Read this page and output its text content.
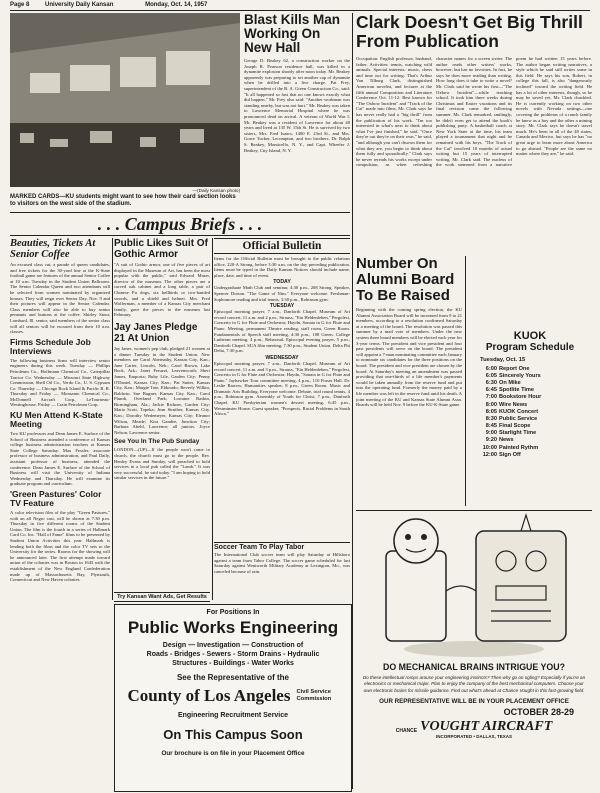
Page 8	University Daily Kansan	Monday, Oct. 14, 1957
—(Daily Kansan photo)
MARKED CARDS—KU students might want to see how their card section looks to visitors on the west side of the stadium.
Blast Kills Man Working On New Hall
George D. Beakey 62, a construction worker on the Joseph R. Pearson residence hall, was killed in a dynamite explosion shortly after noon today. Mr. Beakey apparently was preparing to set another cap of dynamite when he drilled into a live charge. Pat Frey, superintendent of the B. A. Green Construction Co., said: "It all happened so fast that no one knows exactly what did happen." Mr. Frey also said: "Another workman was standing nearby, but was not hurt." Mr. Beakey was taken to Lawrence Memorial Hospital where he was pronounced dead on arrival. A veteran of World War I, Mr. Beakey was a resident of Lawrence for about 40 years and lived at 135 W. 15th St. He is survived by two sisters, Mrs. Fred Isaacs, 1400 E. 23rd St., and Mrs. Grace Tucker, Lecompton, and two brothers, Dr. Ralph S. Beakey, Monticello, N. Y., and Capt. Wheeler J. Beakey, City Island, N. Y.
Clark Doesn't Get Big Thrill From Publication
Occupation: English professor, husband, father. Activities: tennis, watching wild animals. Special interests: music, chess and time out for writing. That's Arthur Van Tilburg Clark, distinguished American novelist, and lecturer at the fifth annual Composition and Literature Conference Oct. 11-12. Best known for "The Oxbow Incident" and "Track of the Cat" made into films, Mr. Clark says he has never really had a "big thrill" from the publication of his work. "I'm too interested in what's next to think about what I've just finished," he said. "Once they're out they're on their own," he said, "and although you can't disown them for what they are, you begin to think about them fully and sporadically." Clark says he never rereads his works except under compulsion, as when refreshing character names for a screen writer. The author reads other writers' works, however, but has no favorites. In fact, he says he does more reading than writing. How long does it take to write a novel? Mr. Clark said he wrote his first—"The Oxbow Incident"—while teaching school. It took him three weeks during Christmas and Easter vacations and its final revision came the following summer. Mr. Clark remarked, smilingly, he didn't even get to attend the book's publishing party. A basketball coach at New York State at the time, his team played a tournament that night and he remained with his boys. "The Track of the Cat" involved 18 months of actual writing but 15 years of interrupted writing, Mr. Clark said. The nucleus of the work stemmed from a narrative poem he had written 15 years before. The author began writing narratives, a style which he said still writes some in this field. He says his son, Robert, in college this fall, is also "dangerously inclined" toward the writing field. He has a lot of other interests, though, so he may be saved yet, Mr. Clark chuckled. He is currently working on two other novels with Nevada settings—one covering the problems of a ranch family he knew as a boy and the other a mining story. Mr. Clark says he doesn't travel much. He's been in all of the 48 states, Canada and Mexico, but says he has "no great urge to learn more about America to go abroad. "People are the same no matter where they are," he said.
. . . Campus Briefs . . .
Beauties, Tickets At Senior Coffee
An excused class cut, a parade of queen candidates, and free tickets for the 30-yard line at the K-State football game are features of the annual Senior Coffee at 10 a.m. Tuesday in the Student Union Ballroom. The Senior Calendar Queen and two attendants will be selected from women nominated by organized houses. They will reign over Senior Day, Nov. 9 and their pictures will appear in the Senior Calendar. Class members will also be able to buy senior pennants and buttons at the coffee. Shirley Stout, Lombard, Ill. senior, said members of the senior class will all seniors will be excused from their 10 a.m. classes.
Firms Schedule Job Interviews
The following business firms will interview senior engineers during this week. Tuesday — Phillips Petroleum Co., Hoffmann Chemical Co., Caterpillar Tractor Co. Wednesday — Missouri State Highway Commission, Shell Oil Co., Verdo Co., U. S. Gypsum Co. Thursday — Chicago Rock Island & Pacific R. R. Thursday and Friday — Monsanto Chemical Co., McDonnell Aircraft Corp., LeTourneau-Westinghouse. Friday — Crain Petroleum Corp.
KU Men Attend K-State Meeting
Two KU professors and Dean James E. Surface of the School of Business attended a conference of Kansas college business administration teachers at Kansas State College Saturday. Max Fessler, associate professor of business administration, and Paul Daily, assistant professor of business, attended the conference. Dean James E. Surface of the School of Business will visit the University of Indiana Wednesday and Thursday. He will examine its graduate program and curriculum.
'Green Pastures' Color TV Feature
A color television film of the play "Green Pastures," with an all Negro cast, will be shown at 7:30 p.m. Thursday in five different rooms of the Student Union. The film is the fourth in a series of Hallmark Card Co. Inc. "Hall of Fame" films to be presented by Student Union Activities this year. Hallmark is lending both the films and the color TV sets to the University for the series. Rooms for the showing will be announced later. The first attempt made toward union of the colonies was in Boston in 1643 with the establishment of the New England Confederation made up of Massachusetts Bay, Plymouth, Connecticut and New Haven colonies.
Public Likes Suit Of Gothic Armor
"A suit of Gothic armor, one of five pieces of art displayed in the Museum of Art, has been the most popular with the public," said Edward Maser, director of the museum. The other pieces are a carved oak cabinet and a long table, a pair of Chinese Fu dogs, six hellbirds or two-handed swords, and a shield and helmet. Mrs. Fred Wolferman, a member of a Kansas City merchant family, gave the pieces to the museum last February.
Jay Janes Pledge 21 At Union
Jay Janes, women's pep club, pledged 21 women at a dinner Tuesday in the Student Union. New members are Carol Abernathy, Kansas City, Kan.; June Carter, Lincoln, Neb.; Carol Brown, Lake Bock, Ark.; Janet Feruzzi, Leavenworth; Sheri James, Emporia; Ruby Lile, Garden City; Penny O'Daniel, Kansas City, Kan.; Pat Sutter, Kansas City, Kan.; Margie Tate, Eldorado; Beverly Wilkin, Baldwin. Sue Bugner, Kansas City, Kan.; Carol Plumb, Overland Park; Lorraine Raskin, Birmingham, Ala.; Jackie Rickner, Garden City; Maria Scott, Topeka; Jean Struther, Kansas City, Kan.; Dorothy Wedemeyer, Kansas City; Eleanor Wilson, Meade; Kira Gandee, Junction City; Barbara Abeld, Lawrence; all juniors. Joyce Nelson, Lawrence senior.
See You In The Pub Sunday
LONDON—(UP)—If the people won't come to church, the church must go to the people. Rev. Henley Evans and Sunday, will preached to hold services in a local pub called the "Lamb." It was very successful, he said today. "I am hoping to hold similar services in the future."
Try Kansan Want Ads, Get Results
Official Bulletin
Items for the Official Bulletin must be brought to the public relations office, 220-A Strong, before 3:30 a.m. on the day preceding publication. Items must be typed in the Daily Kansan Notices should include name, place, date, and time of event.
TODAY
Undergraduate Math Club and seminar, 4:30 p.m., 208 Strong. Speaker, Spencer Dotson. "The Game of Nim." Everyone welcome. Freshman-Sophomore reading and trial tennis, 3:30 p.m., Robinson gym.
TUESDAY
Episcopal morning prayer, 7 a.m., Danforth Chapel. Museum of Art record concert, 11 a.m. and 2 p.m., Strauss, "Ein Heldenleben," Pergolesi, Concerto in G for Flute and Orchestra; Haydn, Sonata in G for Flute and Piano. Meeting, permanent Theatre reading, staff room, Green Room. Fundamentals of Speech staff meeting, 4:30 p.m., 108 Green. College Lutheran meeting, 4 p.m., Rehearsal. Episcopal evening prayer, 5 p.m., Danforth Chapel. SUA film meeting, 7:30 p.m., Student Union. Delta Phi Delta, 7:30 p.m.
WEDNESDAY
Episcopal morning prayer, 7 a.m., Danforth Chapel. Museum of Art record concert, 11 a.m. and 3 p.m., Strauss, "Ein Heldenleben," Pergolesi, Concerto in G for Flute and Orchestra; Haydn, "Sonata in G for Flute and Piano." Jayhawker Tour committee meeting, 4 p.m., 110 Fraser Hall. Dr. Leslie Barrow, Humanities speaker, 8 p.m., Green Room. Music and Dramatic Arts Building. Everyone welcome. Debate, trial round tennis, 4 p.m., Robinson gym. Assembly of Youth for Christ, 7 p.m., Danforth Chapel. KU Presbyterian women's dessert meeting, 6:45 p.m., Westminster House. Guest speaker, "Prospects, Racial Problems in South Africa."
Soccer Team To Play Tabor
The International Club soccer team will play Saturday at Hillsboro against a team from Tabor College. The soccer game scheduled for last Saturday against Wentworth Military Academy at Lexington, Mo., was canceled because of rain.
Number On Alumni Board To Be Raised
Beginning with the coming spring election, the KU Alumni Association Board will be increased from 9 to 21 members, according to a resolution confirmed Saturday at a meeting of the board. The resolution was passed this summer by a mail vote of members. Under the new system three board members will be elected each year for 3-year terms. The president and vice president and four past presidents will serve on the board. The president will appoint a 7-man nominating committee each January to nominate six candidates for the three positions on the board. The president and vice president are chosen by the board. At Saturday's meeting an amendment was passed providing that one-thirds of a life member's payments would be taken annually from the reserve fund and put into the operating fund. Formerly the money paid by a life member was left in the reserve fund until his death. A joint meeting of the KU and Kansas State Alumni Assn. Boards will be held Nov. 9 before the KU-K-State game.
KUOK
Program Schedule
Tuesday, Oct. 15
6:00	Report One
6:05	Sincerely Yours
6:30	On Mike
6:45	Spotlite Time
7:00	Bookstore Hour
8:00	Wire News
8:05	KUOK Concert
8:30	Public Service
8:45	Final Scope
9:00	Starlight Time
9:20	News
10:00	Painted Rythm
12:00	Sign Off
For Positions In
Public Works Engineering
Design — Investigation — Construction of
Roads - Bridges - Sewers - Storm Drains - Hydraulic
Structures - Buildings - Water Works
See the Representative of the
County of Los Angeles Civil Service Commission
Engineering Recruitment Service
On This Campus Soon
Our brochure is on file in your Placement Office
DO MECHANICAL BRAINS INTRIGUE YOU?
Do these intellectual romps arouse your engineering instincts? Then why go on ogling? Especially if you're an electronics or mechanical major. Plan to enjoy the company of the best mechanical computers. Choose your own electronic brains for missile guidance. Find out what's ahead at Chance Vought in this fast-growing field.
OUR REPRESENTATIVE WILL BE IN YOUR PLACEMENT OFFICE
OCTOBER 28-29
CHANCE VOUGHT AIRCRAFT
INCORPORATED • DALLAS, TEXAS
